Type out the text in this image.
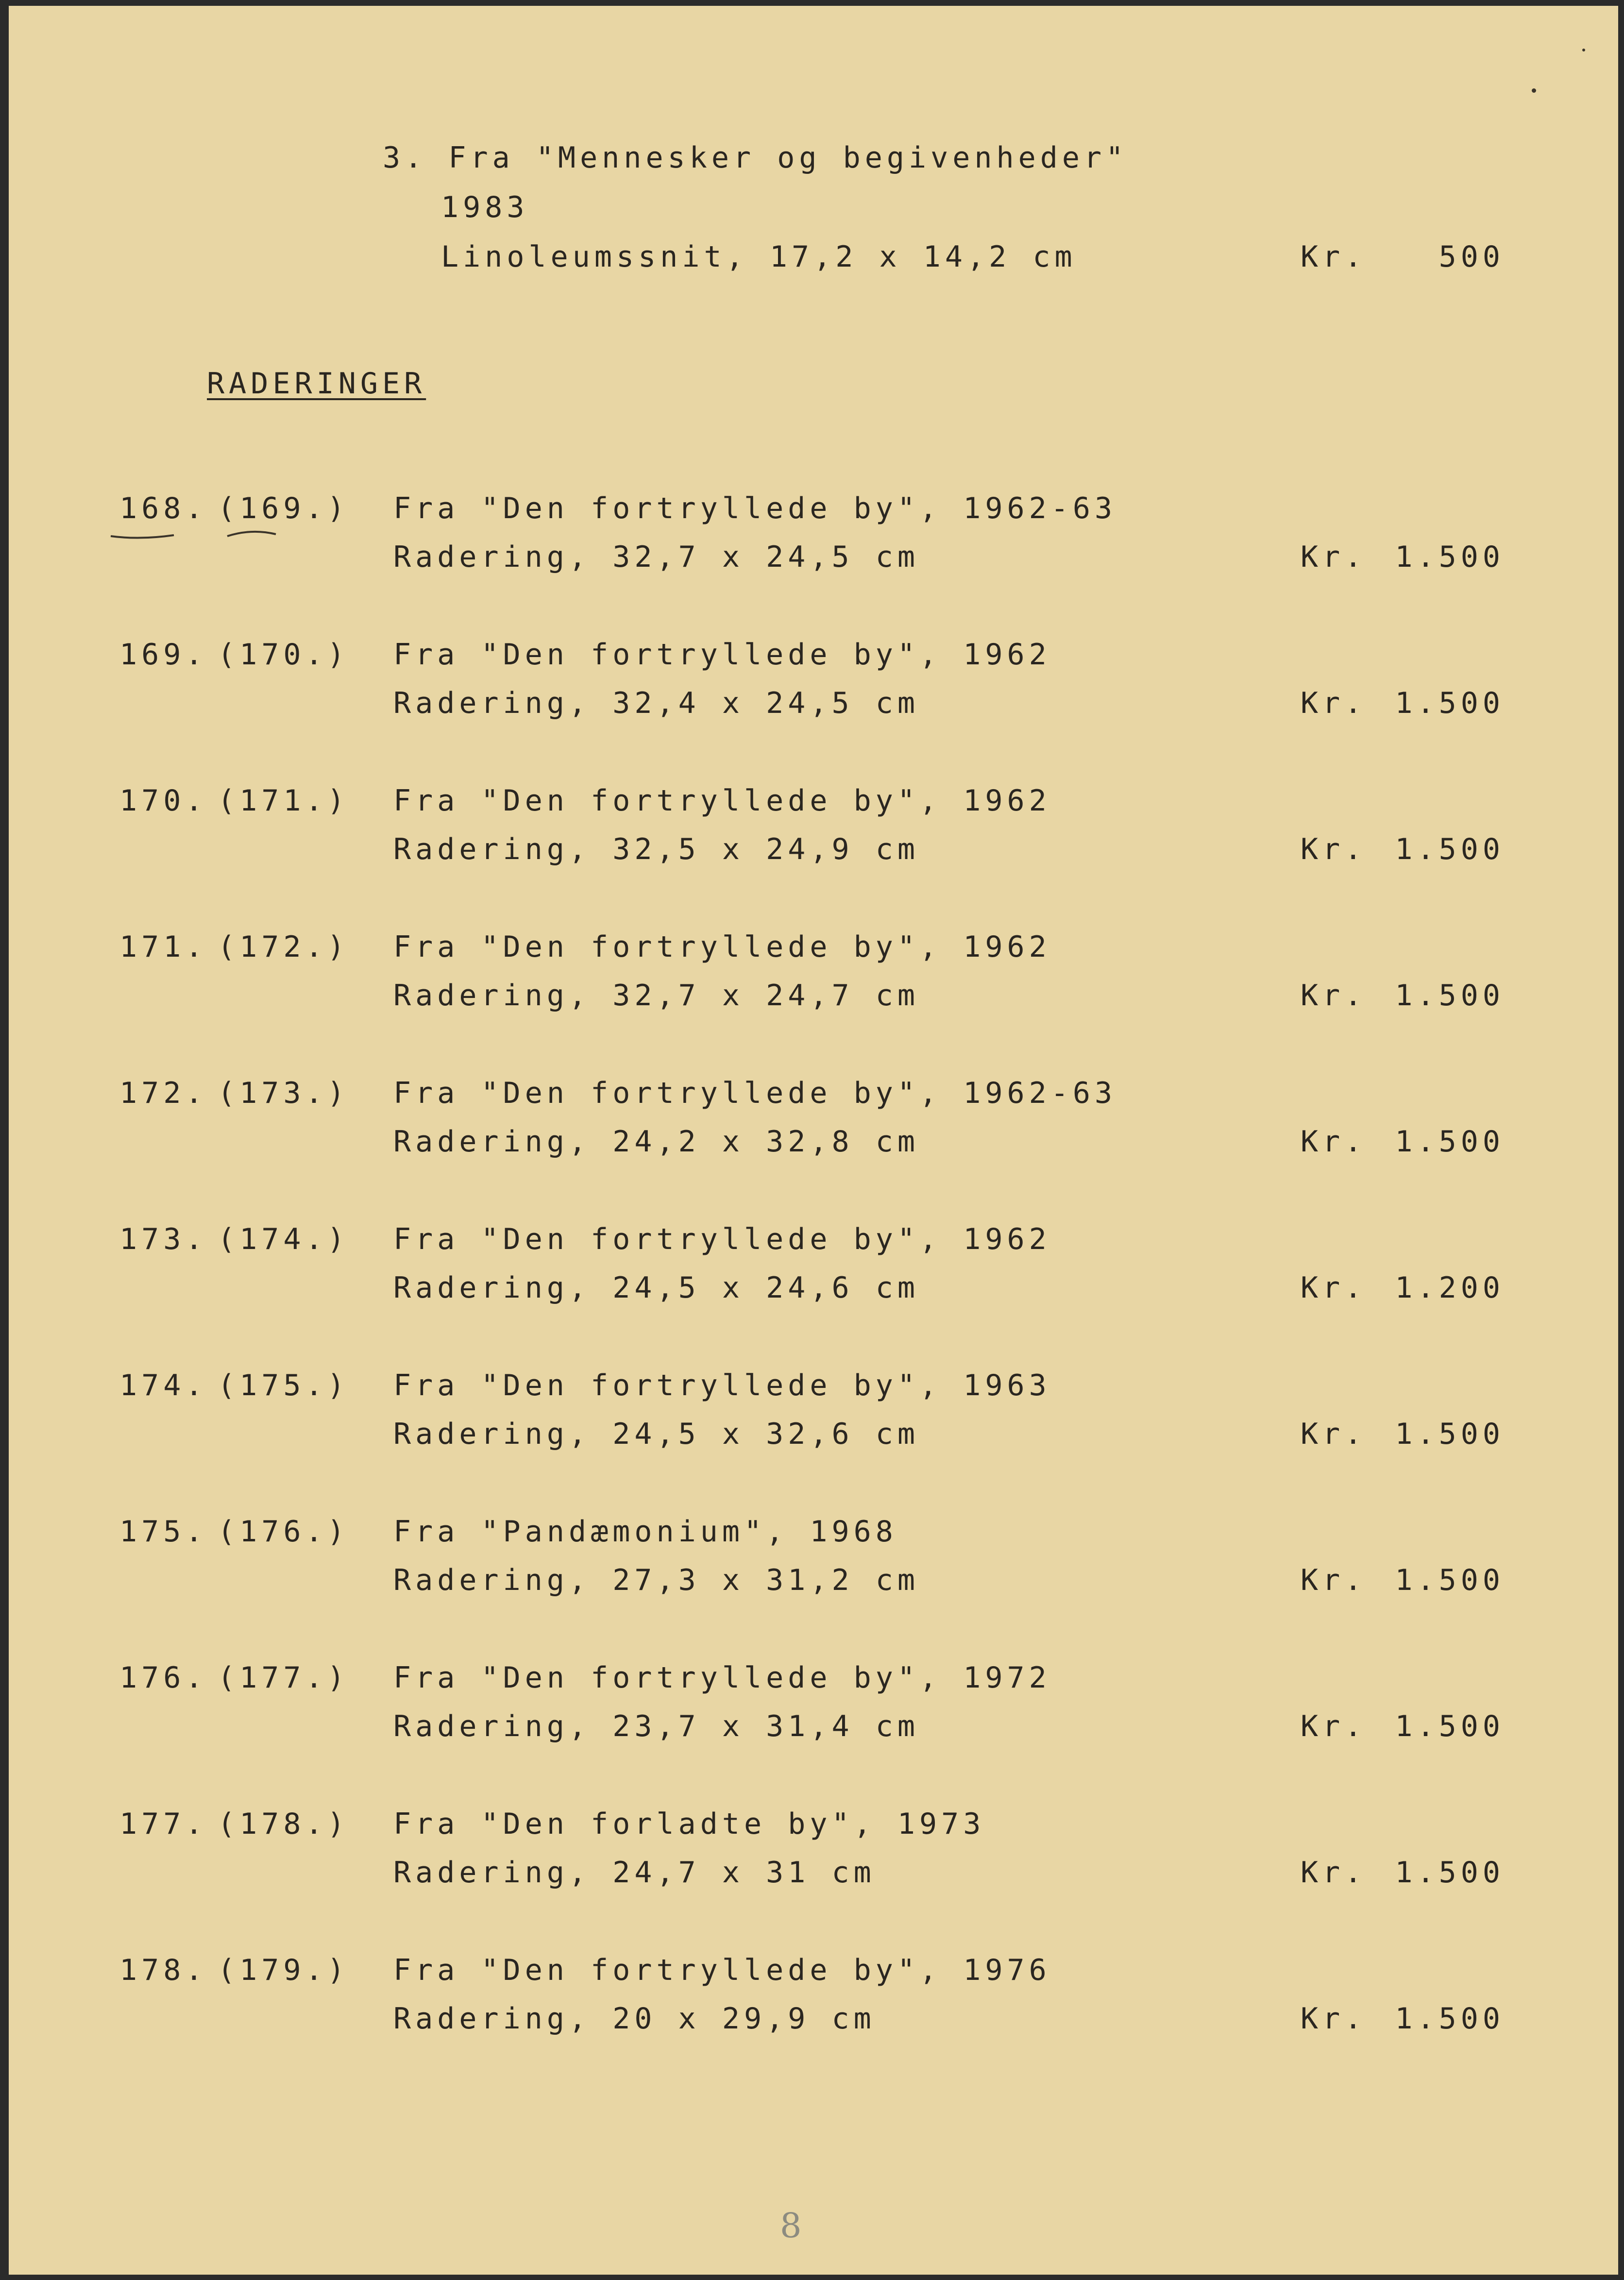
3. Fra "Mennesker og begivenheder"
1983
Linoleumssnit, 17,2 x 14,2 cm	Kr.	500
RADERINGER
168. (169.) Fra "Den fortryllede by", 1962-63
Radering, 32,7 x 24,5 cm	Kr. 1.500
169. (170.) Fra "Den fortryllede by", 1962
Radering, 32,4 x 24,5 cm	Kr. 1.500
170. (171.) Fra "Den fortryllede by", 1962
Radering, 32,5 x 24,9 cm	Kr. 1.500
171. (172.) Fra "Den fortryllede by", 1962
Radering, 32,7 x 24,7 cm	Kr. 1.500
172. (173.) Fra "Den fortryllede by", 1962-63
Radering, 24,2 x 32,8 cm	Kr. 1.500
173. (174.) Fra "Den fortryllede by", 1962
Radering, 24,5 x 24,6 cm	Kr. 1.200
174. (175.) Fra "Den fortryllede by", 1963
Radering, 24,5 x 32,6 cm	Kr. 1.500
175. (176.) Fra "Pandæmonium", 1968
Radering, 27,3 x 31,2 cm	Kr. 1.500
176. (177.) Fra "Den fortryllede by", 1972
Radering, 23,7 x 31,4 cm	Kr. 1.500
177. (178.) Fra "Den forladte by", 1973
Radering, 24,7 x 31 cm	Kr. 1.500
178. (179.) Fra "Den fortryllede by", 1976
Radering, 20 x 29,9 cm	Kr. 1.500
8
